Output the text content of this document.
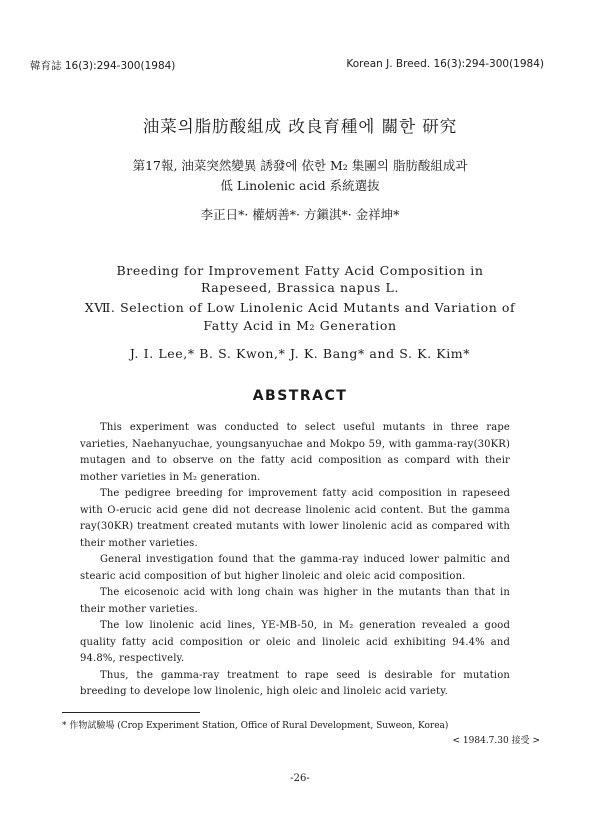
韓育誌 16(3):294-300(1984)	Korean J. Breed. 16(3):294-300(1984)
油菜의脂肪酸組成 改良育種에 關한 研究
第17報, 油菜突然變異 誘發에 依한 M₂ 集團의 脂肪酸組成과
低 Linolenic acid 系統選抜
李正日*· 權炳善*· 方鎭淇*· 金祥坤*
Breeding for Improvement Fatty Acid Composition in
Rapeseed, Brassica napus L.
XⅦ. Selection of Low Linolenic Acid Mutants and Variation of
Fatty Acid in M₂ Generation
J. I. Lee,* B. S. Kwon,* J. K. Bang* and S. K. Kim*
ABSTRACT

This experiment was conducted to select useful mutants in three rape varieties, Naehanyuchae, youngsanyuchae and Mokpo 59, with gamma-ray(30KR) mutagen and to observe on the fatty acid composition as compard with their mother varieties in M₂ generation.

The pedigree breeding for improvement fatty acid composition in rapeseed with O-erucic acid gene did not decrease linolenic acid content. But the gamma ray(30KR) treatment created mutants with lower linolenic acid as compared with their mother varieties.

General investigation found that the gamma-ray induced lower palmitic and stearic acid composition of but higher linoleic and oleic acid composition.

The eicosenoic acid with long chain was higher in the mutants than that in their mother varieties.

The low linolenic acid lines, YE-MB-50, in M₂ generation revealed a good quality fatty acid composition or oleic and linoleic acid exhibiting 94.4% and 94.8%, respectively.

Thus, the gamma-ray treatment to rape seed is desirable for mutation breeding to develope low linolenic, high oleic and linoleic acid variety.

* 作物試驗場 (Crop Experiment Station, Office of Rural Development, Suweon, Korea)
< 1984.7.30 接受 >
-26-
